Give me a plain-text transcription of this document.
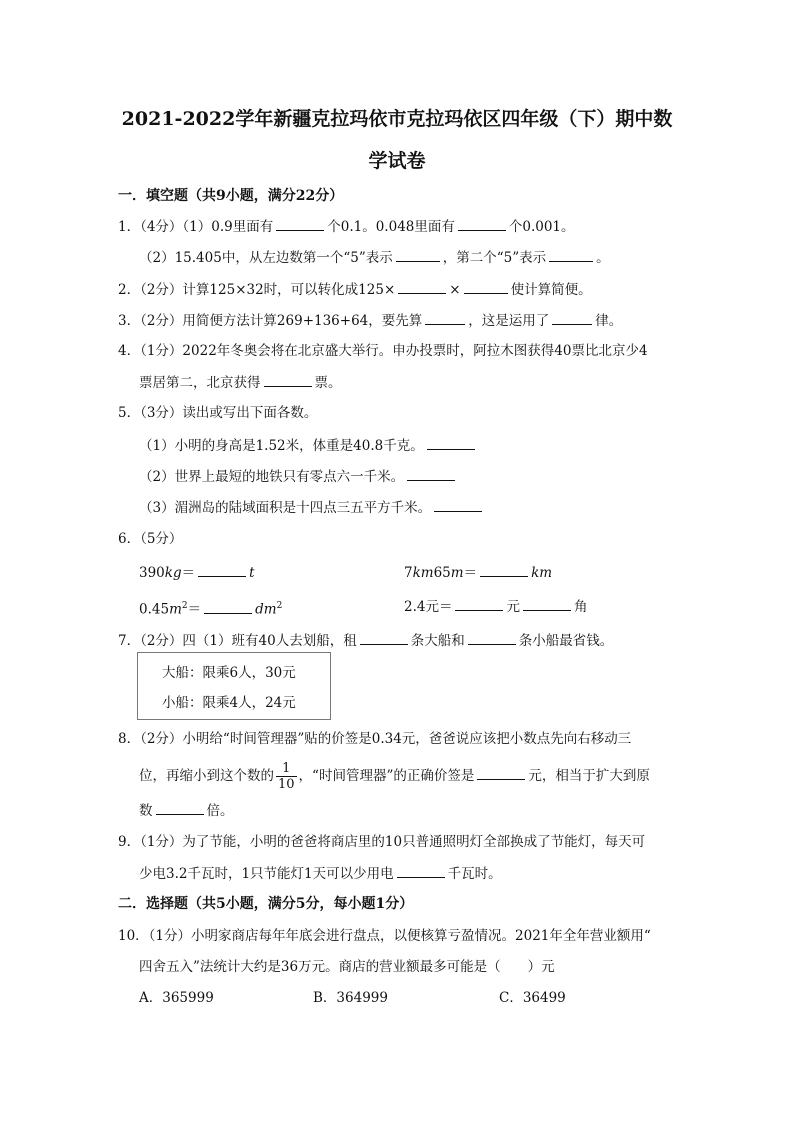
2021-2022学年新疆克拉玛依市克拉玛依区四年级（下）期中数
学试卷
一．填空题（共9小题，满分22分）
1．（4分）（1）0.9里面有	个0.1。0.048里面有	个0.001。
（2）15.405中，从左边数第一个“5”表示	，第二个“5”表示	。
2．（2分）计算125×32时，可以转化成125×	×	使计算简便。
3．（2分）用简便方法计算269+136+64，要先算	，这是运用了	律。
4．（1分）2022年冬奥会将在北京盛大举行。申办投票时，阿拉木图获得40票比北京少4
票居第二，北京获得	票。
5．（3分）读出或写出下面各数。
（1）小明的身高是1.52米，体重是40.8千克。
（2）世界上最短的地铁只有零点六一千米。
（3）湄洲岛的陆域面积是十四点三五平方千米。
6．（5分）
390kg＝	t	7km65m＝	km
$0.45m^2=$	$dm^2$	2.4元＝	元	角
7．（2分）四（1）班有40人去划船，租	条大船和	条小船最省钱。
大船：限乘6人，30元
小船：限乘4人，24元
8．（2分）小明给“时间管理器”贴的价签是0.34元，爸爸说应该把小数点先向右移动三
位，再缩小到这个数的 $\frac{1}{10}$ ，“时间管理器”的正确价签是	元，相当于扩大到原
数	倍。
9．（1分）为了节能，小明的爸爸将商店里的10只普通照明灯全部换成了节能灯，每天可
少电3.2千瓦时，1只节能灯1天可以少用电	千瓦时。
二．选择题（共5小题，满分5分，每小题1分）
10．（1分）小明家商店每年年底会进行盘点，以便核算亏盈情况。2021年全年营业额用“
四舍五入”法统计大约是36万元。商店的营业额最多可能是（　　）元
A．365999	B．364999	C．36499
